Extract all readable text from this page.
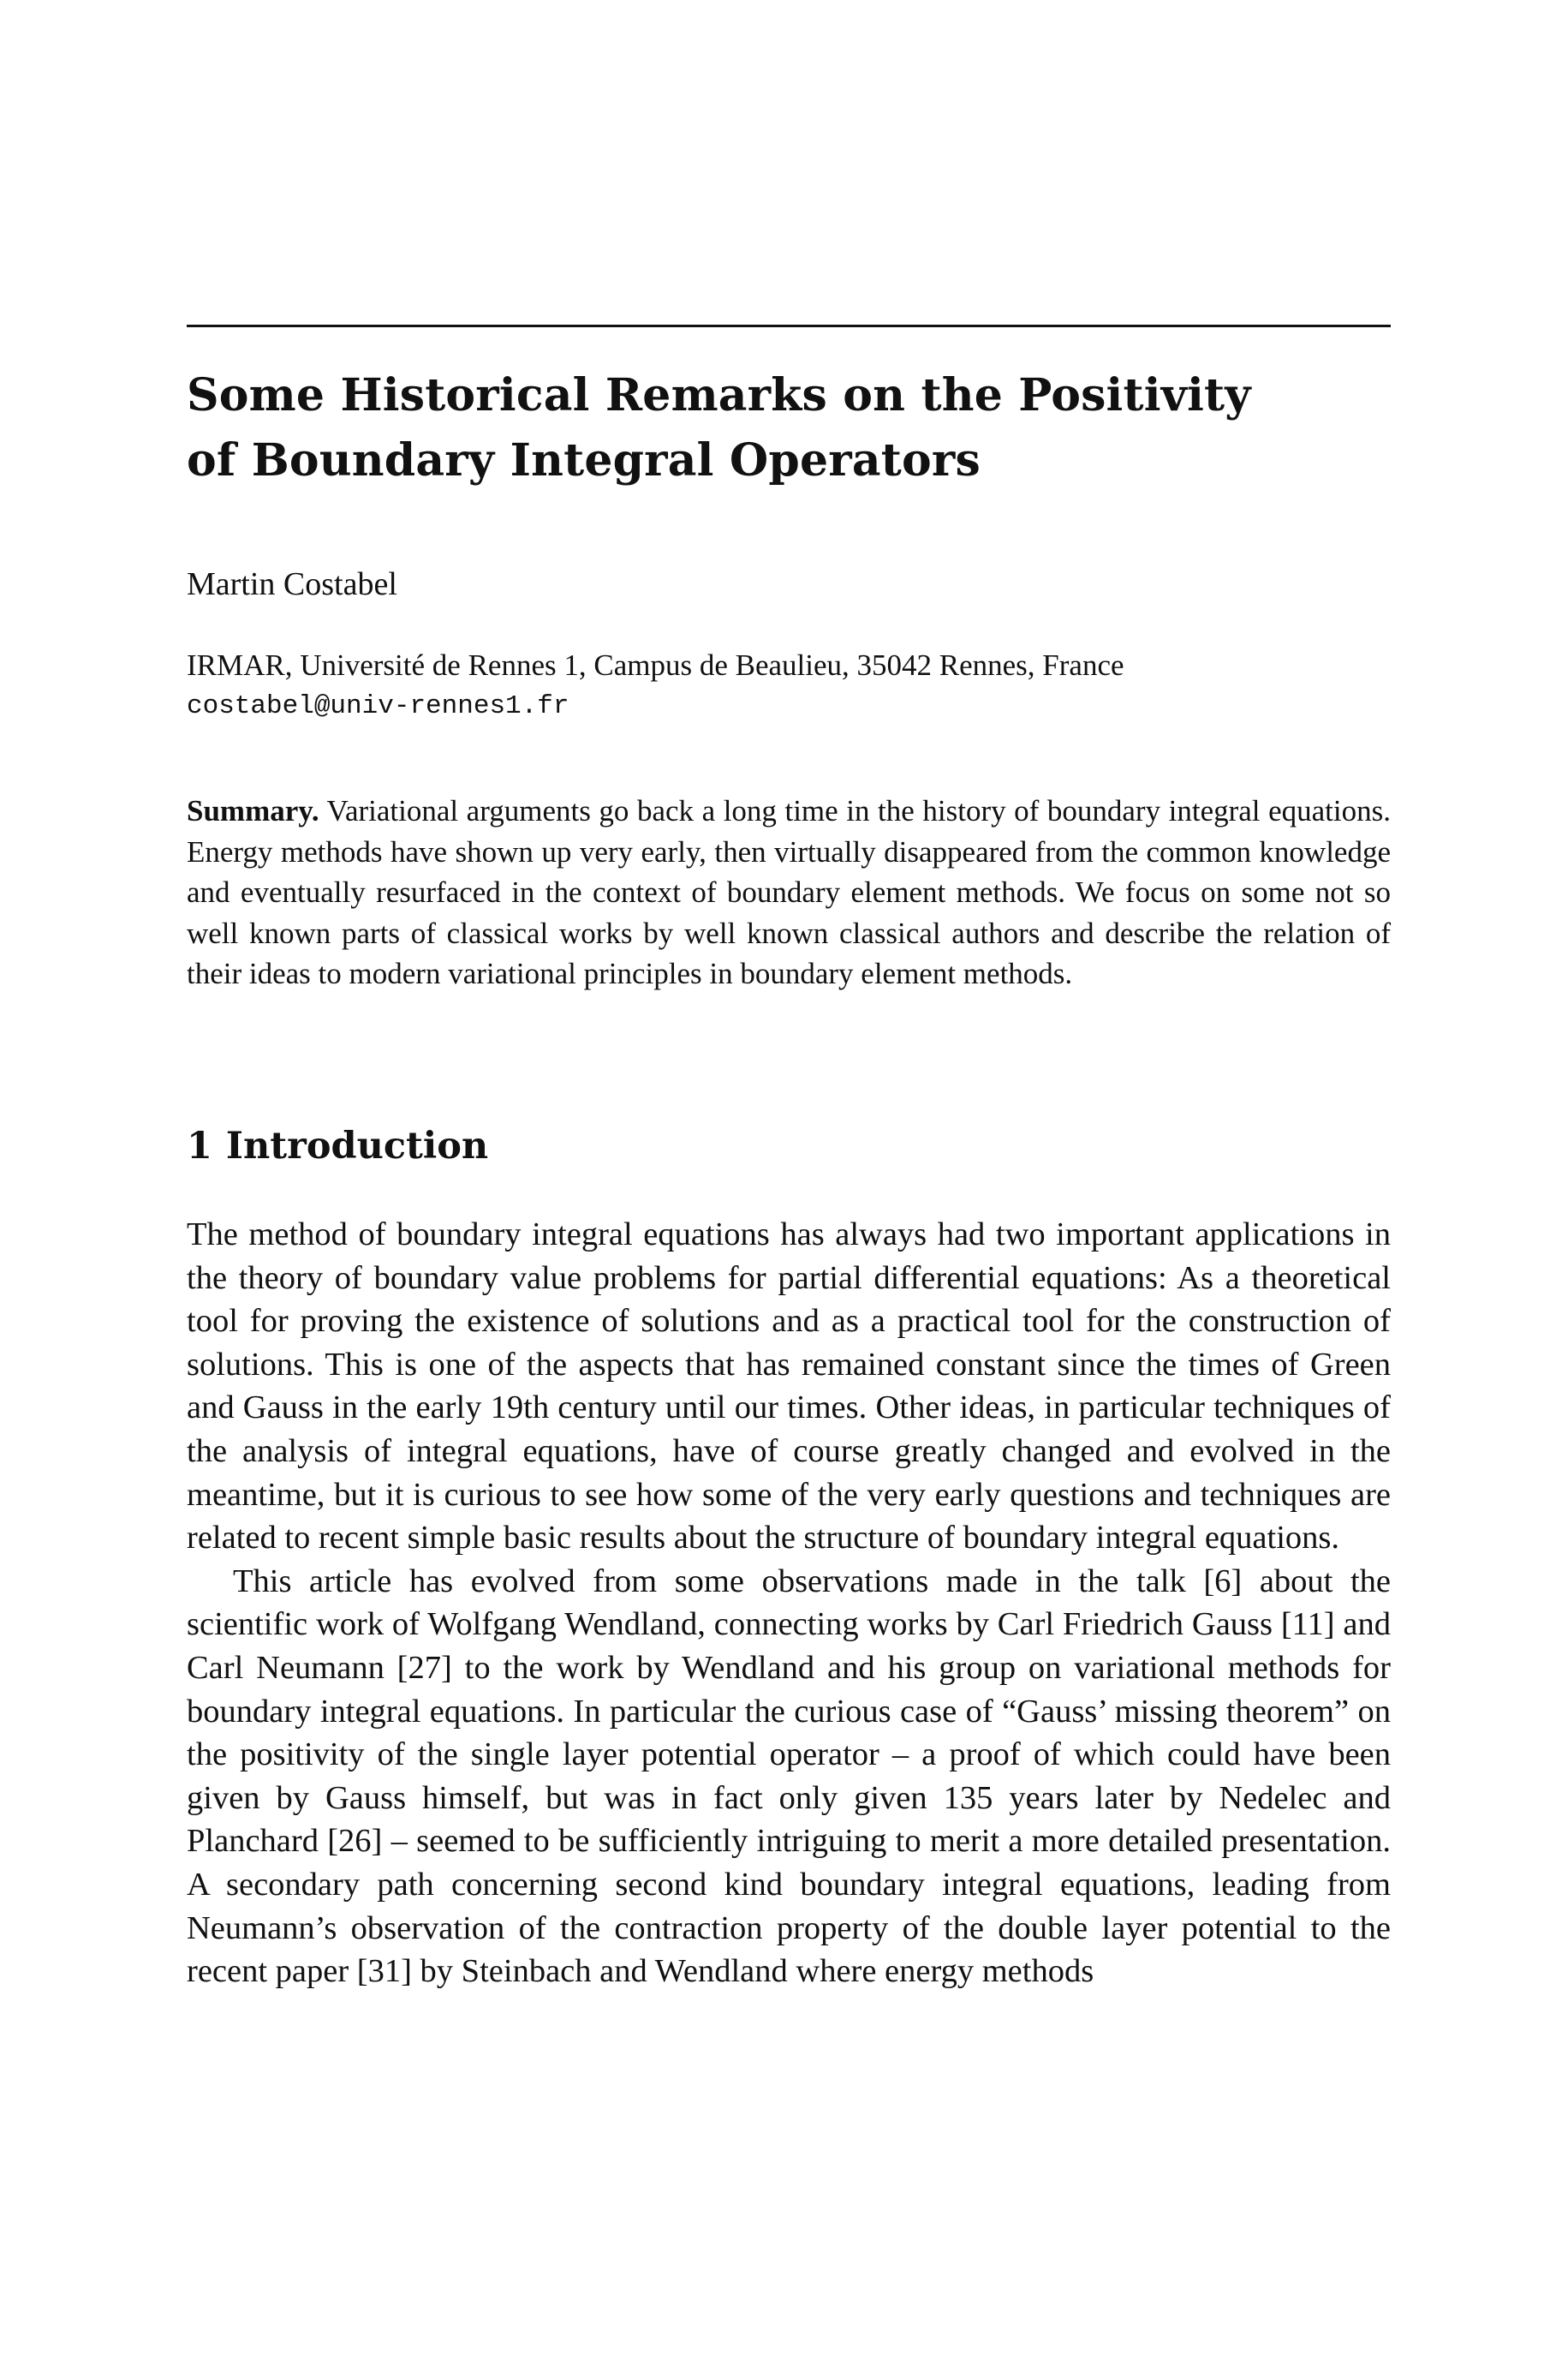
Some Historical Remarks on the Positivity
of Boundary Integral Operators
Martin Costabel
IRMAR, Université de Rennes 1, Campus de Beaulieu, 35042 Rennes, France
costabel@univ-rennes1.fr
Summary. Variational arguments go back a long time in the history of boundary integral equations. Energy methods have shown up very early, then virtually disappeared from the common knowledge and eventually resurfaced in the context of boundary element methods. We focus on some not so well known parts of classical works by well known classical authors and describe the relation of their ideas to modern variational principles in boundary element methods.
1 Introduction

The method of boundary integral equations has always had two important applications in the theory of boundary value problems for partial differential equations: As a theoretical tool for proving the existence of solutions and as a practical tool for the construction of solutions. This is one of the aspects that has remained constant since the times of Green and Gauss in the early 19th century until our times. Other ideas, in particular techniques of the analysis of integral equations, have of course greatly changed and evolved in the meantime, but it is curious to see how some of the very early questions and techniques are related to recent simple basic results about the structure of boundary integral equations.

This article has evolved from some observations made in the talk [6] about the scientific work of Wolfgang Wendland, connecting works by Carl Friedrich Gauss [11] and Carl Neumann [27] to the work by Wendland and his group on variational methods for boundary integral equations. In particular the curious case of “Gauss’ missing theorem” on the positivity of the single layer potential operator – a proof of which could have been given by Gauss himself, but was in fact only given 135 years later by Nedelec and Planchard [26] – seemed to be sufficiently intriguing to merit a more detailed presentation. A secondary path concerning second kind boundary integral equations, leading from Neumann’s observation of the contraction property of the double layer potential to the recent paper [31] by Steinbach and Wendland where energy methods
